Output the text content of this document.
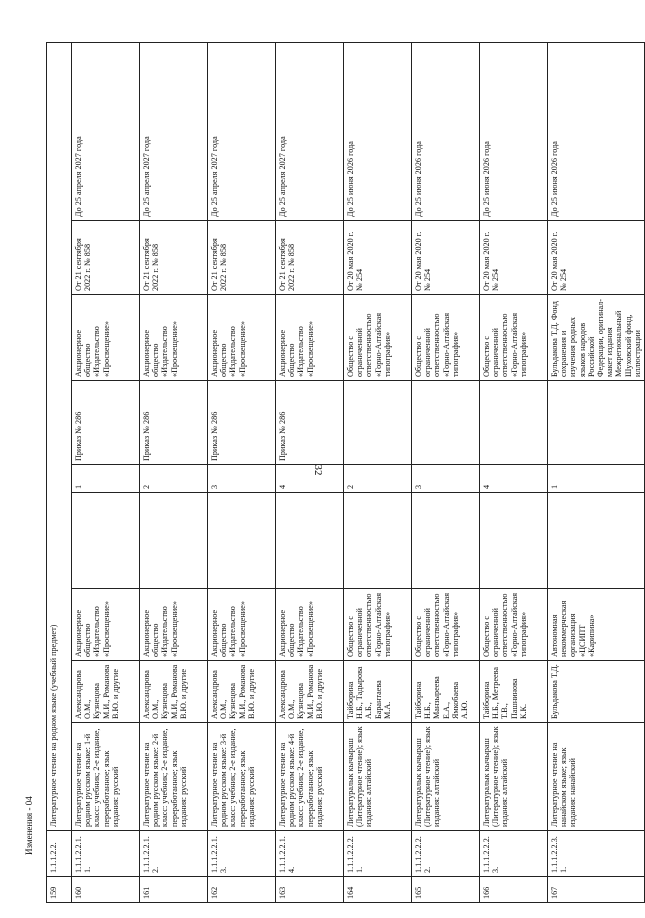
32
Изменения - 04
159	1.1.1.2.2.	Литературное чтение на родном языке (учебный предмет)								
160	1.1.1.2.2.1.1.	Литературное чтение на родном русском языке: 1-й класс: учебник; 2-е издание, переработанное; язык издания: русский	Александрова О.М., Кузнецова М.И., Романова В.Ю. и другие	Акционерное общество «Издательство «Просвещение»		1	Приказ № 286	Акционерное общество «Издательство «Просвещение»	От 21 сентября 2022 г. № 858	До 25 апреля 2027 года
161	1.1.1.2.2.1.2.	Литературное чтение на родном русском языке: 2-й класс: учебник; 2-е издание, переработанное; язык издания: русский	Александрова О.М., Кузнецова М.И., Романова В.Ю. и другие	Акционерное общество «Издательство «Просвещение»		2	Приказ № 286	Акционерное общество «Издательство «Просвещение»	От 21 сентября 2022 г. № 858	До 25 апреля 2027 года
162	1.1.1.2.2.1.3.	Литературное чтение на родном русском языке: 3-й класс: учебник; 2-е издание, переработанное; язык издания: русский	Александрова О.М., Кузнецова М.И., Романова В.Ю. и другие	Акционерное общество «Издательство «Просвещение»		3	Приказ № 286	Акционерное общество «Издательство «Просвещение»	От 21 сентября 2022 г. № 858	До 25 апреля 2027 года
163	1.1.1.2.2.1.4.	Литературное чтение на родном русском языке: 4-й класс: учебник; 2-е издание, переработанное; язык издания: русский	Александрова О.М., Кузнецова М.И., Романова В.Ю. и другие	Акционерное общество «Издательство «Просвещение»		4	Приказ № 286	Акционерное общество «Издательство «Просвещение»	От 21 сентября 2022 г. № 858	До 25 апреля 2027 года
164	1.1.1.2.2.2.1.	Литературалык кычыраш (Литературное чтение); язык издания: алтайский	Тайборина Н.Б., Тадырова А.Б., Барантаева М.А.	Общество с ограниченной ответственностью «Горно-Алтайская типография»		2		Общество с ограниченной ответственностью «Горно-Алтайская типография»	От 20 мая 2020 г. № 254	До 25 июня 2026 года
165	1.1.1.2.2.2.2.	Литературалык кычыраш (Литературное чтение); язык издания: алтайский	Тайборина Н.Б., Манзыреева Е.А., Ямкобаева А.Ю.	Общество с ограниченной ответственностью «Горно-Алтайская типография»		3		Общество с ограниченной ответственностью «Горно-Алтайская типография»	От 20 мая 2020 г. № 254	До 25 июня 2026 года
166	1.1.1.2.2.2.3.	Литературалык кычыраш (Литературное чтение); язык издания: алтайский	Тайборина Н.Б., Метреева Т.В., Пашнинова К.К.	Общество с ограниченной ответственностью «Горно-Алтайская типография»		4		Общество с ограниченной ответственностью «Горно-Алтайская типография»	От 20 мая 2020 г. № 254	До 25 июня 2026 года
167	1.1.1.2.2.3.1.	Литературное чтение на нанайском языке; язык издания: нанайский	Бульдакова Т.Д.	Автономная некоммерческая организация «ЦСИПТ «Карипина»		1		Бульдакова Т.Д. Фонд сохранения и изучения родных языков народов Российской Федерации, оригинал-макет издания Межрегиональный Шуховский фонд, иллюстрации	От 20 мая 2020 г. № 254	До 25 июня 2026 года
